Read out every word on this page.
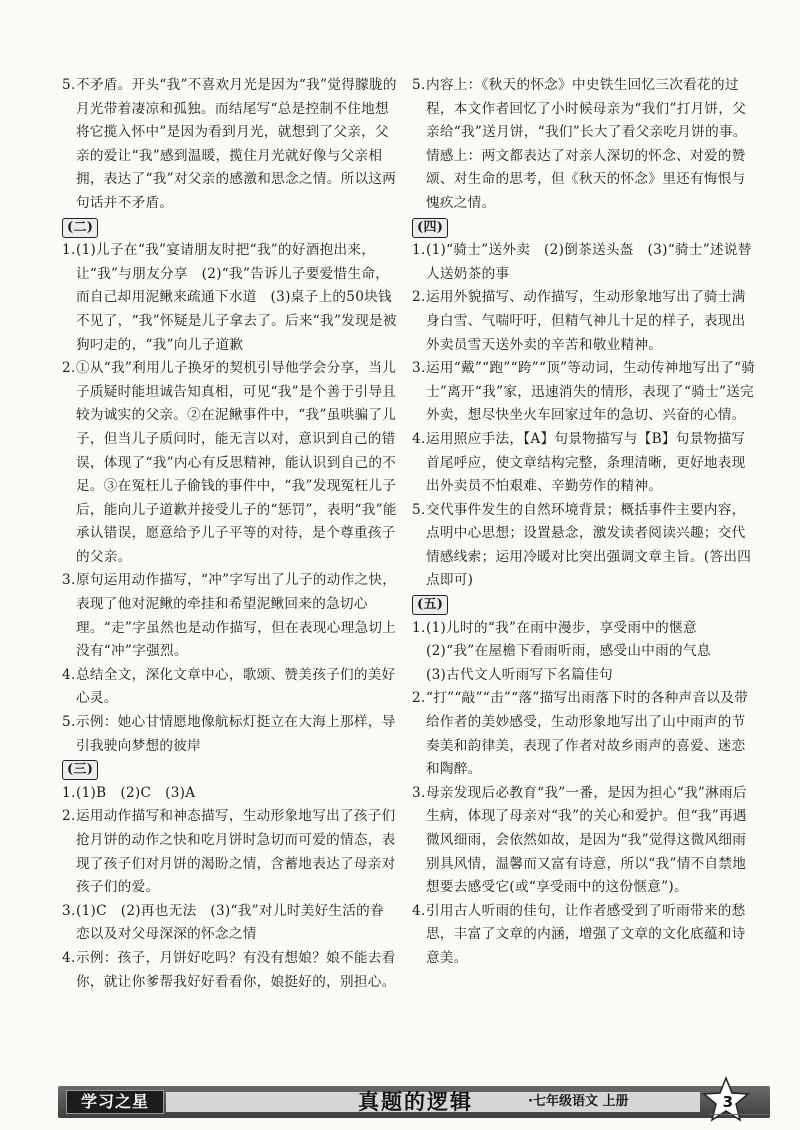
5. 不矛盾。开头“我”不喜欢月光是因为“我”觉得朦胧的月光带着凄凉和孤独。而结尾写“总是控制不住地想将它揽入怀中”是因为看到月光，就想到了父亲，父亲的爱让“我”感到温暖，揽住月光就好像与父亲相拥，表达了“我”对父亲的感激和思念之情。所以这两句话并不矛盾。
(二)
1. (1)儿子在“我”宴请朋友时把“我”的好酒抱出来，让“我”与朋友分享　(2)“我”告诉儿子要爱惜生命，而自己却用泥鳅来疏通下水道　(3)桌子上的50块钱不见了，“我”怀疑是儿子拿去了。后来“我”发现是被狗叼走的，“我”向儿子道歉
2. ①从“我”利用儿子换牙的契机引导他学会分享，当儿子质疑时能坦诚告知真相，可见“我”是个善于引导且较为诚实的父亲。②在泥鳅事件中，“我”虽哄骗了儿子，但当儿子质问时，能无言以对，意识到自己的错误，体现了“我”内心有反思精神，能认识到自己的不足。③在冤枉儿子偷钱的事件中，“我”发现冤枉儿子后，能向儿子道歉并接受儿子的“惩罚”，表明“我”能承认错误，愿意给予儿子平等的对待，是个尊重孩子的父亲。
3. 原句运用动作描写，“冲”字写出了儿子的动作之快，表现了他对泥鳅的牵挂和希望泥鳅回来的急切心理。“走”字虽然也是动作描写，但在表现心理急切上没有“冲”字强烈。
4. 总结全文，深化文章中心，歌颂、赞美孩子们的美好心灵。
5. 示例：她心甘情愿地像航标灯挺立在大海上那样，导引我驶向梦想的彼岸
(三)
1. (1)B　(2)C　(3)A
2. 运用动作描写和神态描写，生动形象地写出了孩子们抢月饼的动作之快和吃月饼时急切而可爱的情态，表现了孩子们对月饼的渴盼之情，含蓄地表达了母亲对孩子们的爱。
3. (1)C　(2)再也无法　(3)“我”对儿时美好生活的眷恋以及对父母深深的怀念之情
4. 示例：孩子，月饼好吃吗？有没有想娘？娘不能去看你，就让你爹帮我好好看看你，娘挺好的，别担心。
5. 内容上：《秋天的怀念》中史铁生回忆三次看花的过程，本文作者回忆了小时候母亲为“我们”打月饼，父亲给“我”送月饼，“我们”长大了看父亲吃月饼的事。情感上：两文都表达了对亲人深切的怀念、对爱的赞颂、对生命的思考，但《秋天的怀念》里还有悔恨与愧疚之情。
(四)
1. (1)“骑士”送外卖　(2)倒茶送头盔　(3)“骑士”述说替人送奶茶的事
2. 运用外貌描写、动作描写，生动形象地写出了骑士满身白雪、气喘吁吁，但精气神儿十足的样子，表现出外卖员雪天送外卖的辛苦和敬业精神。
3. 运用“戴”“跑”“跨”“顶”等动词，生动传神地写出了“骑士”离开“我”家，迅速消失的情形，表现了“骑士”送完外卖，想尽快坐火车回家过年的急切、兴奋的心情。
4. 运用照应手法，【A】句景物描写与【B】句景物描写首尾呼应，使文章结构完整，条理清晰，更好地表现出外卖员不怕艰难、辛勤劳作的精神。
5. 交代事件发生的自然环境背景；概括事件主要内容，点明中心思想；设置悬念，激发读者阅读兴趣；交代情感线索；运用冷暖对比突出强调文章主旨。(答出四点即可)
(五)
1. (1)儿时的“我”在雨中漫步，享受雨中的惬意
(2)“我”在屋檐下看雨听雨，感受山中雨的气息
(3)古代文人听雨写下名篇佳句
2. “打”“敲”“击”“落”描写出雨落下时的各种声音以及带给作者的美妙感受，生动形象地写出了山中雨声的节奏美和韵律美，表现了作者对故乡雨声的喜爱、迷恋和陶醉。
3. 母亲发现后必教育“我”一番，是因为担心“我”淋雨后生病，体现了母亲对“我”的关心和爱护。但“我”再遇微风细雨，会依然如故，是因为“我”觉得这微风细雨别具风情，温馨而又富有诗意，所以“我”情不自禁地想要去感受它(或“享受雨中的这份惬意”)。
4. 引用古人听雨的佳句，让作者感受到了听雨带来的愁思，丰富了文章的内涵，增强了文章的文化底蕴和诗意美。
学习之星	真题的逻辑	·七年级语文 上册	3
